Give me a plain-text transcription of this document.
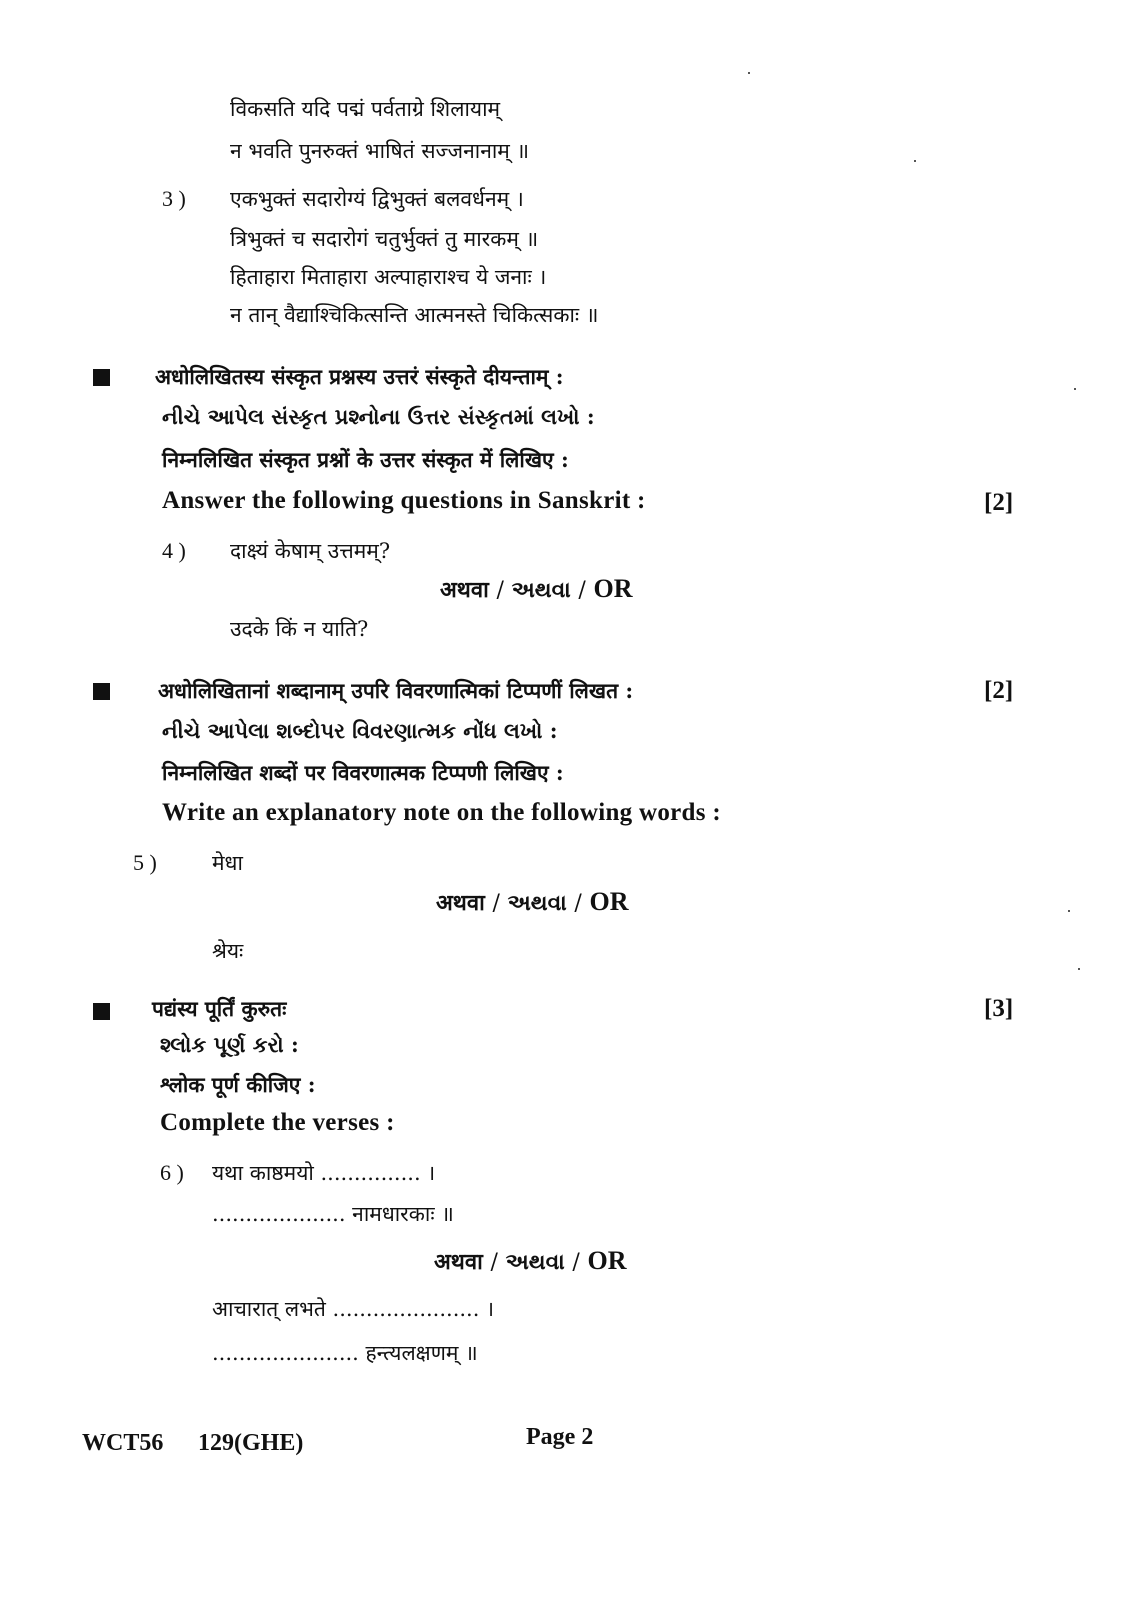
विकसति यदि पद्मं पर्वताग्रे शिलायाम्
न भवति पुनरुक्तं भाषितं सज्जनानाम् ॥
3 ) एकभुक्तं सदारोग्यं द्विभुक्तं बलवर्धनम् ।
त्रिभुक्तं च सदारोगं चतुर्भुक्तं तु मारकम् ॥
हिताहारा मिताहारा अल्पाहाराश्च ये जनाः ।
न तान् वैद्याश्चिकित्सन्ति आत्मनस्ते चिकित्सकाः ॥
अधोलिखितस्य संस्कृत प्रश्नस्य उत्तरं संस्कृते दीयन्ताम् :
નીચે આપેલ સંસ્કૃત પ્રશ્નોના ઉત્તર સંસ્કૃતમાં લખો :
निम्नलिखित संस्कृत प्रश्नों के उत्तर संस्कृत में लिखिए :
Answer the following questions in Sanskrit :	[2]
4 ) दाक्ष्यं केषाम् उत्तमम्?
अथवा / અથવા / OR
उदके किं न याति?
अधोलिखितानां शब्दानाम् उपरि विवरणात्मिकां टिप्पणीं लिखत :	[2]
નીચે આપેલા શબ્દોપર વિવરણાત્મક નોંધ લખો :
निम्नलिखित शब्दों पर विवरणात्मक टिप्पणी लिखिए :
Write an explanatory note on the following words :
5 )	मेधा
अथवा / અથવા / OR
श्रेयः
पद्यंस्य पूर्तिं कुरुतः	[3]
શ્લોક પૂર્ણ કરો :
श्लोक पूर्ण कीजिए :
Complete the verses :
6 ) यथा काष्ठमयो ............... ।
.................... नामधारकाः ॥
अथवा / અથવા / OR
आचारात् लभते ...................... ।
...................... हन्त्यलक्षणम् ॥
WCT56 129(GHE)	Page 2
